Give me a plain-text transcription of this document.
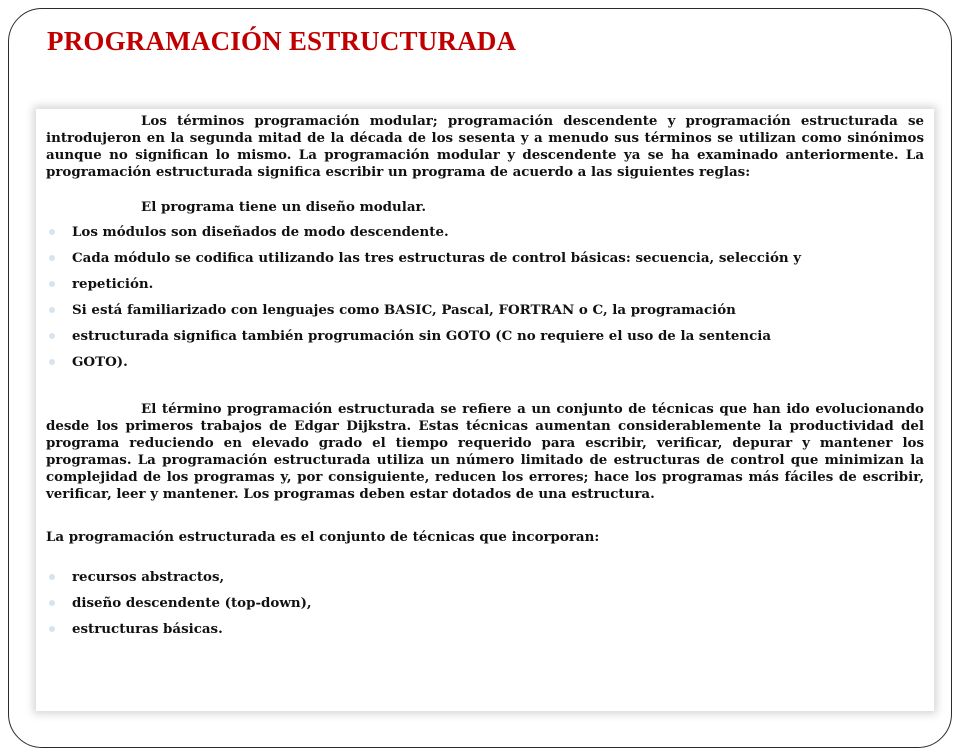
PROGRAMACIÓN ESTRUCTURADA

Los términos programación modular; programación descendente y programación estructurada se introdujeron en la segunda mitad de la década de los sesenta y a menudo sus términos se utilizan como sinónimos aunque no significan lo mismo. La programación modular y descendente ya se ha examinado anteriormente. La programación estructurada significa escribir un programa de acuerdo a las siguientes reglas:

El programa tiene un diseño modular.

Los módulos son diseñados de modo descendente.
Cada módulo se codifica utilizando las tres estructuras de control básicas: secuencia, selección y
repetición.
Si está familiarizado con lenguajes como BASIC, Pascal, FORTRAN o C, la programación
estructurada significa también progrumación sin GOTO (C no requiere el uso de la sentencia
GOTO).

El término programación estructurada se refiere a un conjunto de técnicas que han ido evolucionando desde los primeros trabajos de Edgar Dijkstra. Estas técnicas aumentan considerablemente la productividad del programa reduciendo en elevado grado el tiempo requerido para escribir, verificar, depurar y mantener los programas. La programación estructurada utiliza un número limitado de estructuras de control que minimizan la complejidad de los programas y, por consiguiente, reducen los errores; hace los programas más fáciles de escribir, verificar, leer y mantener. Los programas deben estar dotados de una estructura.

La programación estructurada es el conjunto de técnicas que incorporan:

recursos abstractos,
diseño descendente (top-down),
estructuras básicas.
